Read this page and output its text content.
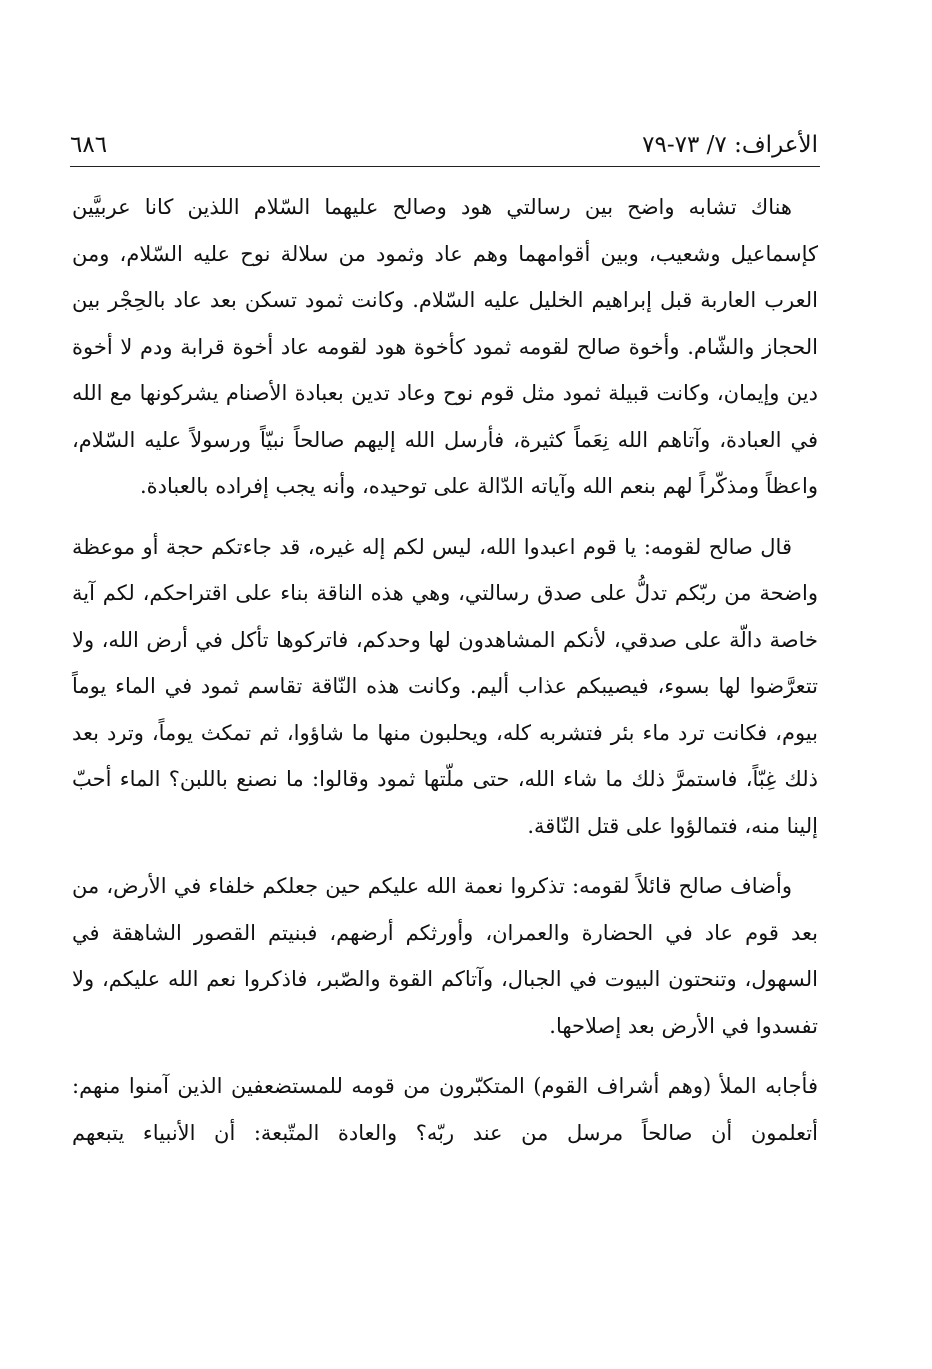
الأعراف: ٧/ ٧٣-٧٩
٦٨٦

هناك تشابه واضح بين رسالتي هود وصالح عليهما السّلام اللذين كانا عربيَّين كإسماعيل وشعيب، وبين أقوامهما وهم عاد وثمود من سلالة نوح عليه السّلام، ومن العرب العاربة قبل إبراهيم الخليل عليه السّلام. وكانت ثمود تسكن بعد عاد بالحِجْر بين الحجاز والشّام. وأخوة صالح لقومه ثمود كأخوة هود لقومه عاد أخوة قرابة ودم لا أخوة دين وإيمان، وكانت قبيلة ثمود مثل قوم نوح وعاد تدين بعبادة الأصنام يشركونها مع الله في العبادة، وآتاهم الله نِعَماً كثيرة، فأرسل الله إليهم صالحاً نبيّاً ورسولاً عليه السّلام، واعظاً ومذكّراً لهم بنعم الله وآياته الدّالة على توحيده، وأنه يجب إفراده بالعبادة.

قال صالح لقومه: يا قوم اعبدوا الله، ليس لكم إله غيره، قد جاءتكم حجة أو موعظة واضحة من ربّكم تدلُّ على صدق رسالتي، وهي هذه الناقة بناء على اقتراحكم، لكم آية خاصة دالّة على صدقي، لأنكم المشاهدون لها وحدكم، فاتركوها تأكل في أرض الله، ولا تتعرَّضوا لها بسوء، فيصيبكم عذاب أليم. وكانت هذه النّاقة تقاسم ثمود في الماء يوماً بيوم، فكانت ترد ماء بئر فتشربه كله، ويحلبون منها ما شاؤوا، ثم تمكث يوماً، وترد بعد ذلك غِبّاً، فاستمرَّ ذلك ما شاء الله، حتى ملّتها ثمود وقالوا: ما نصنع باللبن؟ الماء أحبّ إلينا منه، فتمالؤوا على قتل النّاقة.

وأضاف صالح قائلاً لقومه: تذكروا نعمة الله عليكم حين جعلكم خلفاء في الأرض، من بعد قوم عاد في الحضارة والعمران، وأورثكم أرضهم، فبنيتم القصور الشاهقة في السهول، وتنحتون البيوت في الجبال، وآتاكم القوة والصّبر، فاذكروا نعم الله عليكم، ولا تفسدوا في الأرض بعد إصلاحها.

فأجابه الملأ (وهم أشراف القوم) المتكبّرون من قومه للمستضعفين الذين آمنوا منهم: أتعلمون أن صالحاً مرسل من عند ربّه؟ والعادة المتّبعة: أن الأنبياء يتبعهم
